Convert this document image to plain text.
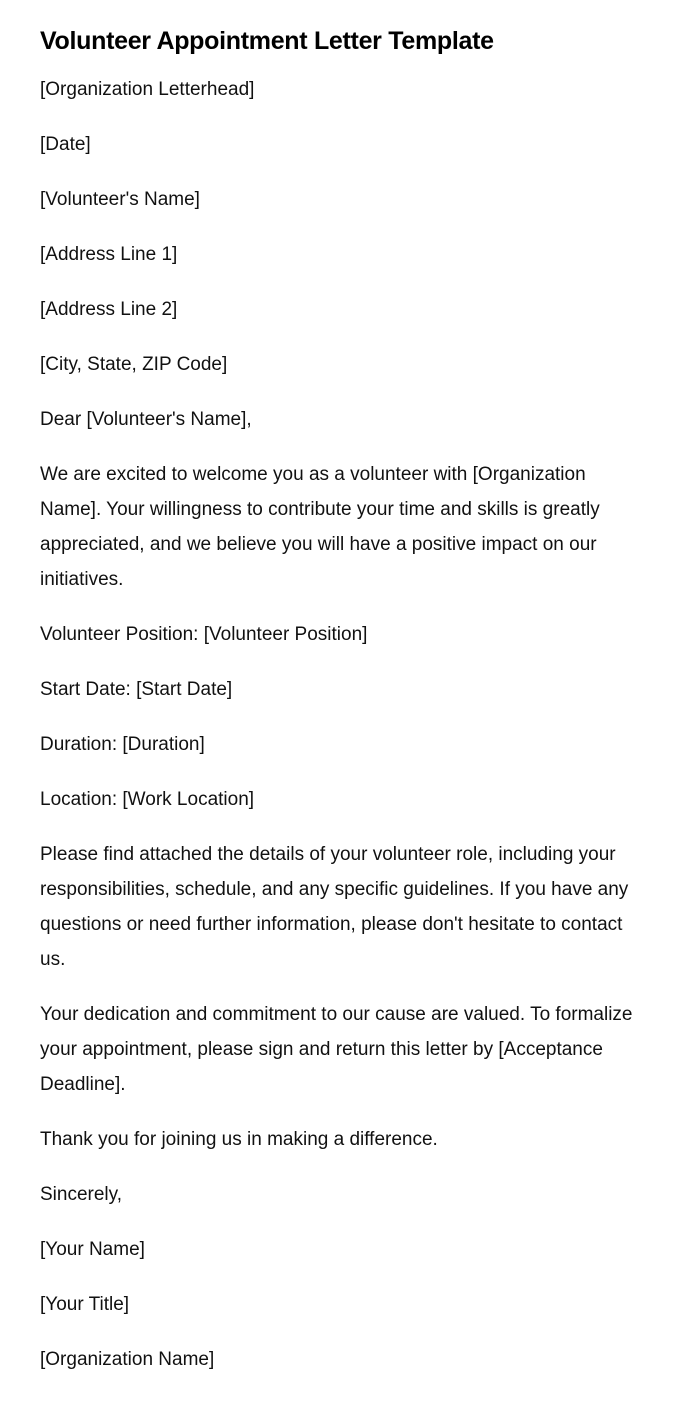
Volunteer Appointment Letter Template

[Organization Letterhead]

[Date]

[Volunteer's Name]

[Address Line 1]

[Address Line 2]

[City, State, ZIP Code]

Dear [Volunteer's Name],

We are excited to welcome you as a volunteer with [Organization Name]. Your willingness to contribute your time and skills is greatly appreciated, and we believe you will have a positive impact on our initiatives.

Volunteer Position: [Volunteer Position]

Start Date: [Start Date]

Duration: [Duration]

Location: [Work Location]

Please find attached the details of your volunteer role, including your responsibilities, schedule, and any specific guidelines. If you have any questions or need further information, please don't hesitate to contact us.

Your dedication and commitment to our cause are valued. To formalize your appointment, please sign and return this letter by [Acceptance Deadline].

Thank you for joining us in making a difference.

Sincerely,

[Your Name]

[Your Title]

[Organization Name]
